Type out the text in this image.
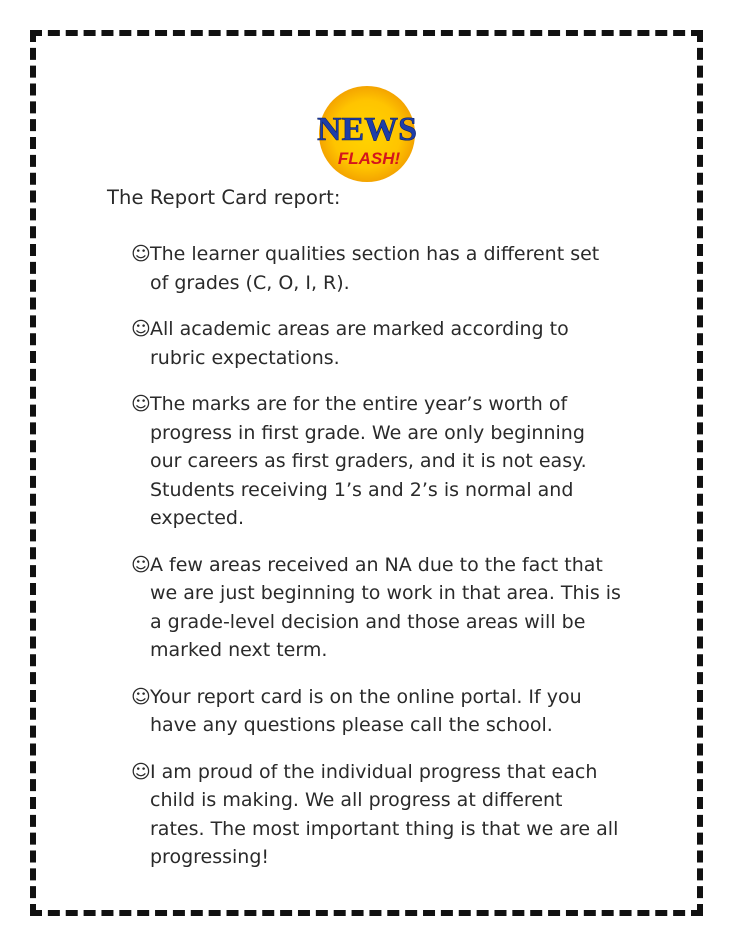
NEWS
FLASH!
The Report Card report:
☺ The learner qualities section has a different set of grades (C, O, I, R).
☺ All academic areas are marked according to rubric expectations.
☺ The marks are for the entire year’s worth of progress in first grade. We are only beginning our careers as first graders, and it is not easy. Students receiving 1’s and 2’s is normal and expected.
☺ A few areas received an NA due to the fact that we are just beginning to work in that area. This is a grade-level decision and those areas will be marked next term.
☺ Your report card is on the online portal. If you have any questions please call the school.
☺ I am proud of the individual progress that each child is making. We all progress at different rates. The most important thing is that we are all progressing!
